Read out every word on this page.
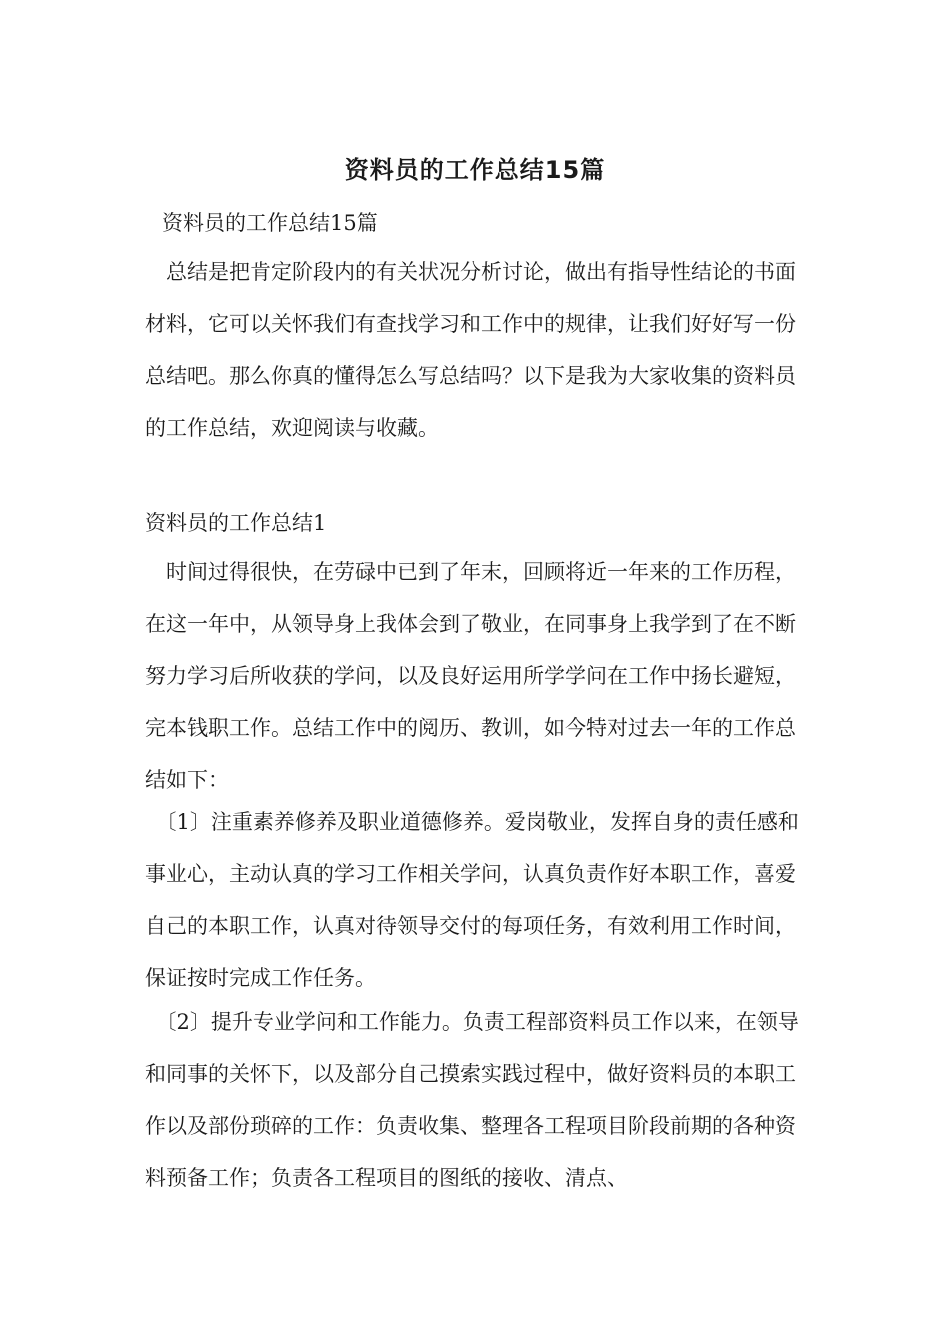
资料员的工作总结15篇
资料员的工作总结15篇

　总结是把肯定阶段内的有关状况分析讨论，做出有指导性结论的书面材料，它可以关怀我们有查找学习和工作中的规律，让我们好好写一份总结吧。那么你真的懂得怎么写总结吗？以下是我为大家收集的资料员的工作总结，欢迎阅读与收藏。

资料员的工作总结1

　时间过得很快，在劳碌中已到了年末，回顾将近一年来的工作历程，在这一年中，从领导身上我体会到了敬业，在同事身上我学到了在不断努力学习后所收获的学问，以及良好运用所学学问在工作中扬长避短，完本钱职工作。总结工作中的阅历、教训，如今特对过去一年的工作总结如下：

　〔1〕注重素养修养及职业道德修养。爱岗敬业，发挥自身的责任感和事业心，主动认真的学习工作相关学问，认真负责作好本职工作，喜爱自己的本职工作，认真对待领导交付的每项任务，有效利用工作时间，保证按时完成工作任务。

　〔2〕提升专业学问和工作能力。负责工程部资料员工作以来，在领导和同事的关怀下，以及部分自己摸索实践过程中，做好资料员的本职工作以及部份琐碎的工作：负责收集、整理各工程项目阶段前期的各种资料预备工作；负责各工程项目的图纸的接收、清点、
